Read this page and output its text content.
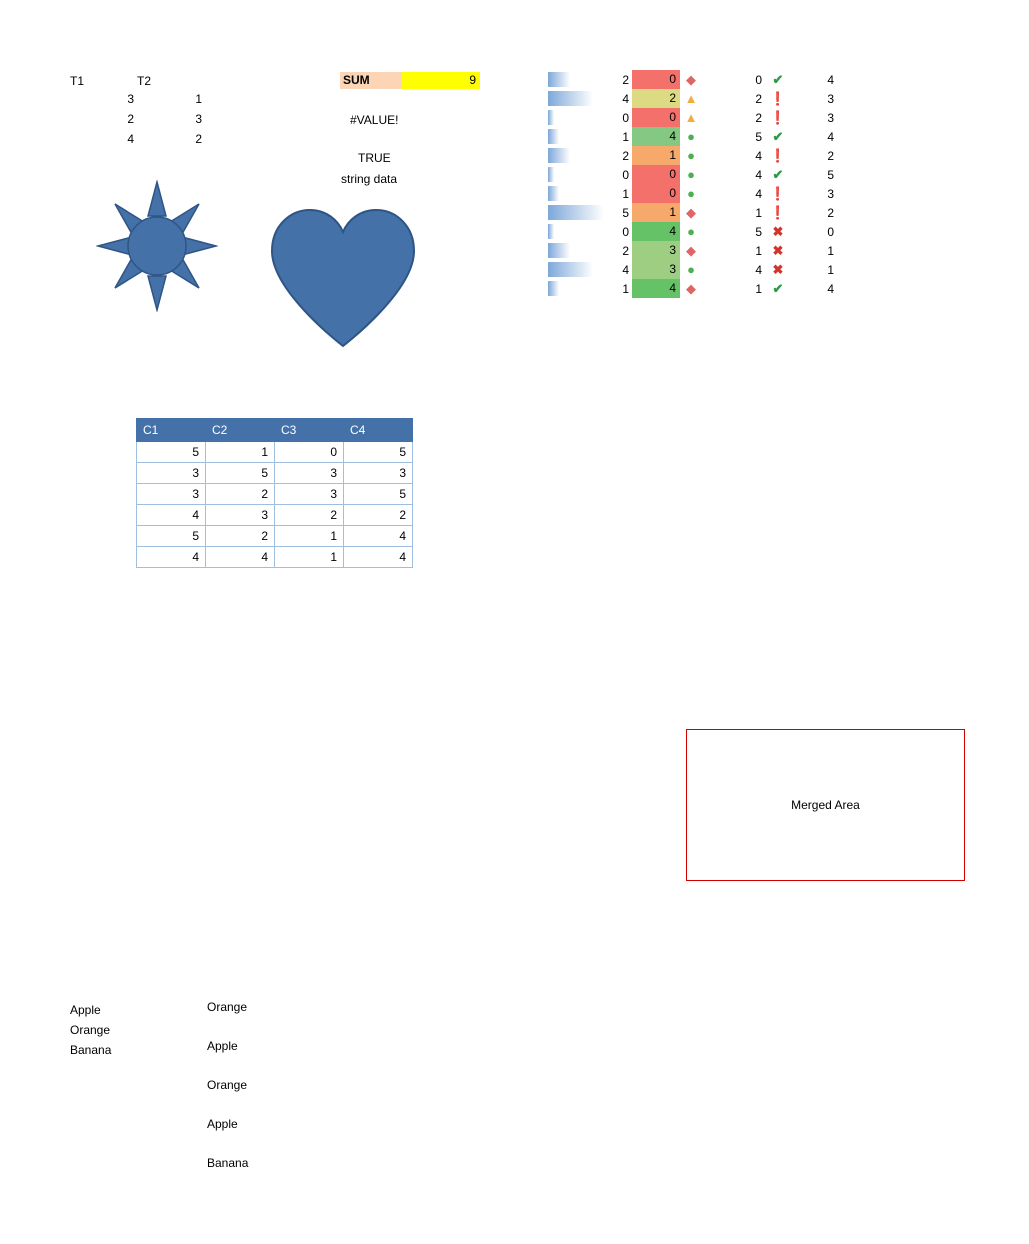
T1	T2
3	1
2	3
4	2
SUM	9
#VALUE!
TRUE
string data
2	0 ◆	0 ✔	4
4	2 ▲	2 ❗	3
0	0 ▲	2 ❗	3
1	4 ●	5 ✔	4
2	1 ●	4 ❗	2
0	0 ●	4 ✔	5
1	0 ●	4 ❗	3
5	1 ◆	1 ❗	2
0	4 ●	5 ✖	0
2	3 ◆	1 ✖	1
4	3 ●	4 ✖	1
1	4 ◆	1 ✔	4
C1	C2	C3	C4
5	1	0	5
3	5	3	3
3	2	3	5
4	3	2	2
5	2	1	4
4	4	1	4
Merged Area
Apple
Orange
Banana
Orange
Apple
Orange
Apple
Banana
